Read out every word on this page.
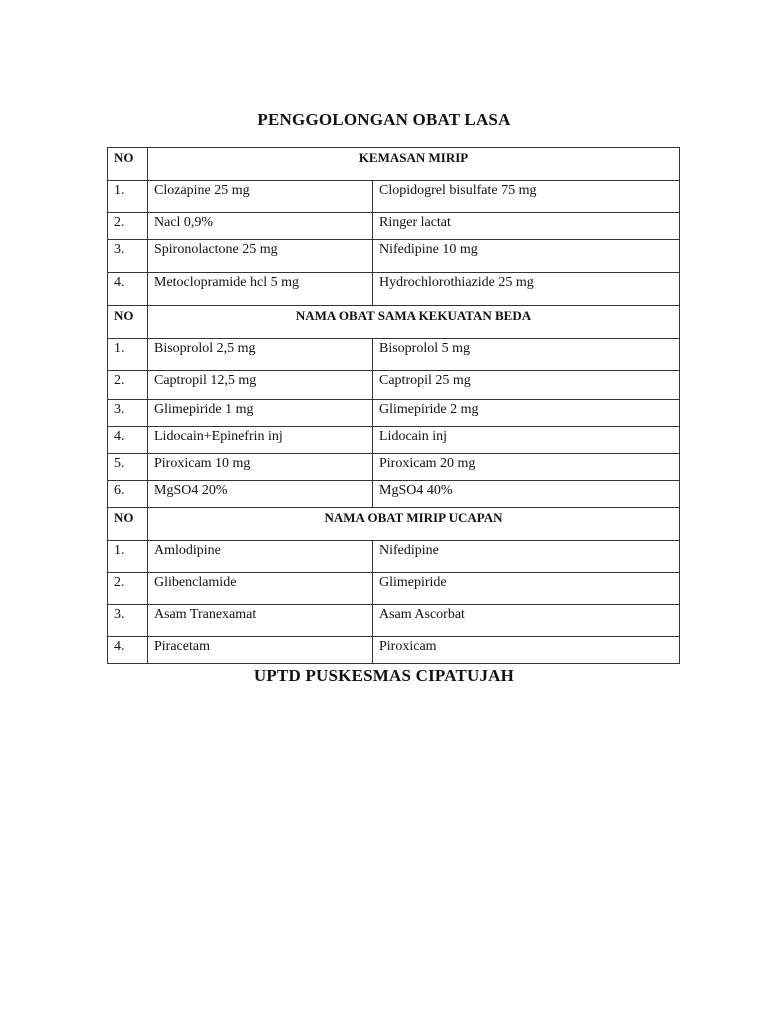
PENGGOLONGAN OBAT LASA
NO	KEMASAN MIRIP	
1.	Clozapine 25 mg	Clopidogrel bisulfate 75 mg
2.	Nacl 0,9%	Ringer lactat
3.	Spironolactone 25 mg	Nifedipine 10 mg
4.	Metoclopramide hcl 5 mg	Hydrochlorothiazide 25 mg
NO	NAMA OBAT SAMA KEKUATAN BEDA	
1.	Bisoprolol 2,5 mg	Bisoprolol 5 mg
2.	Captropil 12,5 mg	Captropil 25 mg
3.	Glimepiride 1 mg	Glimepiride 2 mg
4.	Lidocain+Epinefrin inj	Lidocain inj
5.	Piroxicam 10 mg	Piroxicam 20 mg
6.	MgSO4 20%	MgSO4 40%
NO	NAMA OBAT MIRIP UCAPAN	
1.	Amlodipine	Nifedipine
2.	Glibenclamide	Glimepiride
3.	Asam Tranexamat	Asam Ascorbat
4.	Piracetam	Piroxicam
UPTD PUSKESMAS CIPATUJAH
